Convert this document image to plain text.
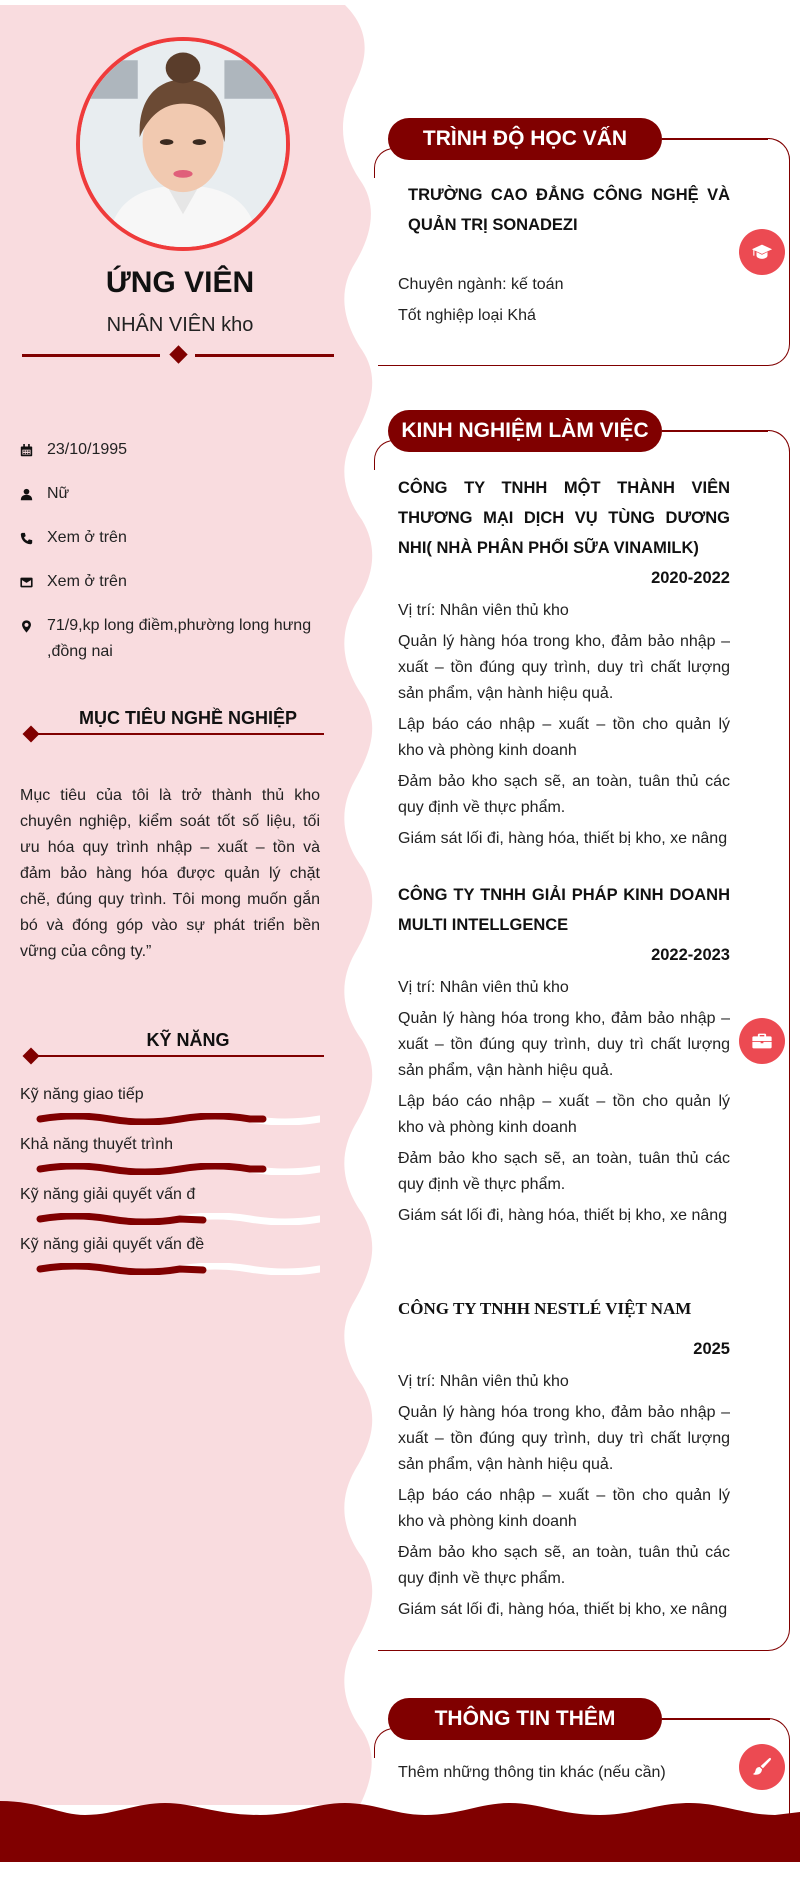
ỨNG VIÊN
NHÂN VIÊN kho
23/10/1995
Nữ
Xem ở trên
Xem ở trên
71/9,kp long điềm,phường long hưng ,đồng nai
MỤC TIÊU NGHỀ NGHIỆP
Mục tiêu của tôi là trở thành thủ kho chuyên nghiệp, kiểm soát tốt số liệu, tối ưu hóa quy trình nhập – xuất – tồn và đảm bảo hàng hóa được quản lý chặt chẽ, đúng quy trình. Tôi mong muốn gắn bó và đóng góp vào sự phát triển bền vững của công ty.”
KỸ NĂNG
Kỹ năng giao tiếp
Khả năng thuyết trình
Kỹ năng giải quyết vấn đ
Kỹ năng giải quyết vấn đề
TRÌNH ĐỘ HỌC VẤN
TRƯỜNG CAO ĐẲNG CÔNG NGHỆ VÀ QUẢN TRỊ SONADEZI
Chuyên ngành: kế toán
Tốt nghiệp loại Khá
KINH NGHIỆM LÀM VIỆC
CÔNG TY TNHH MỘT THÀNH VIÊN THƯƠNG MẠI DỊCH VỤ TÙNG DƯƠNG NHI( NHÀ PHÂN PHỐI SỮA VINAMILK)
2020-2022
Vị trí: Nhân viên thủ kho
Quản lý hàng hóa trong kho, đảm bảo nhập – xuất – tồn đúng quy trình, duy trì chất lượng sản phẩm, vận hành hiệu quả.
Lập báo cáo nhập – xuất – tồn cho quản lý kho và phòng kinh doanh
Đảm bảo kho sạch sẽ, an toàn, tuân thủ các quy định về thực phẩm.
Giám sát lối đi, hàng hóa, thiết bị kho, xe nâng
CÔNG TY TNHH GIẢI PHÁP KINH DOANH MULTI INTELLGENCE
2022-2023
Vị trí: Nhân viên thủ kho
Quản lý hàng hóa trong kho, đảm bảo nhập – xuất – tồn đúng quy trình, duy trì chất lượng sản phẩm, vận hành hiệu quả.
Lập báo cáo nhập – xuất – tồn cho quản lý kho và phòng kinh doanh
Đảm bảo kho sạch sẽ, an toàn, tuân thủ các quy định về thực phẩm.
Giám sát lối đi, hàng hóa, thiết bị kho, xe nâng
CÔNG TY TNHH NESTLÉ VIỆT NAM
2025
Vị trí: Nhân viên thủ kho
Quản lý hàng hóa trong kho, đảm bảo nhập – xuất – tồn đúng quy trình, duy trì chất lượng sản phẩm, vận hành hiệu quả.
Lập báo cáo nhập – xuất – tồn cho quản lý kho và phòng kinh doanh
Đảm bảo kho sạch sẽ, an toàn, tuân thủ các quy định về thực phẩm.
Giám sát lối đi, hàng hóa, thiết bị kho, xe nâng
THÔNG TIN THÊM
Thêm những thông tin khác (nếu cần)
